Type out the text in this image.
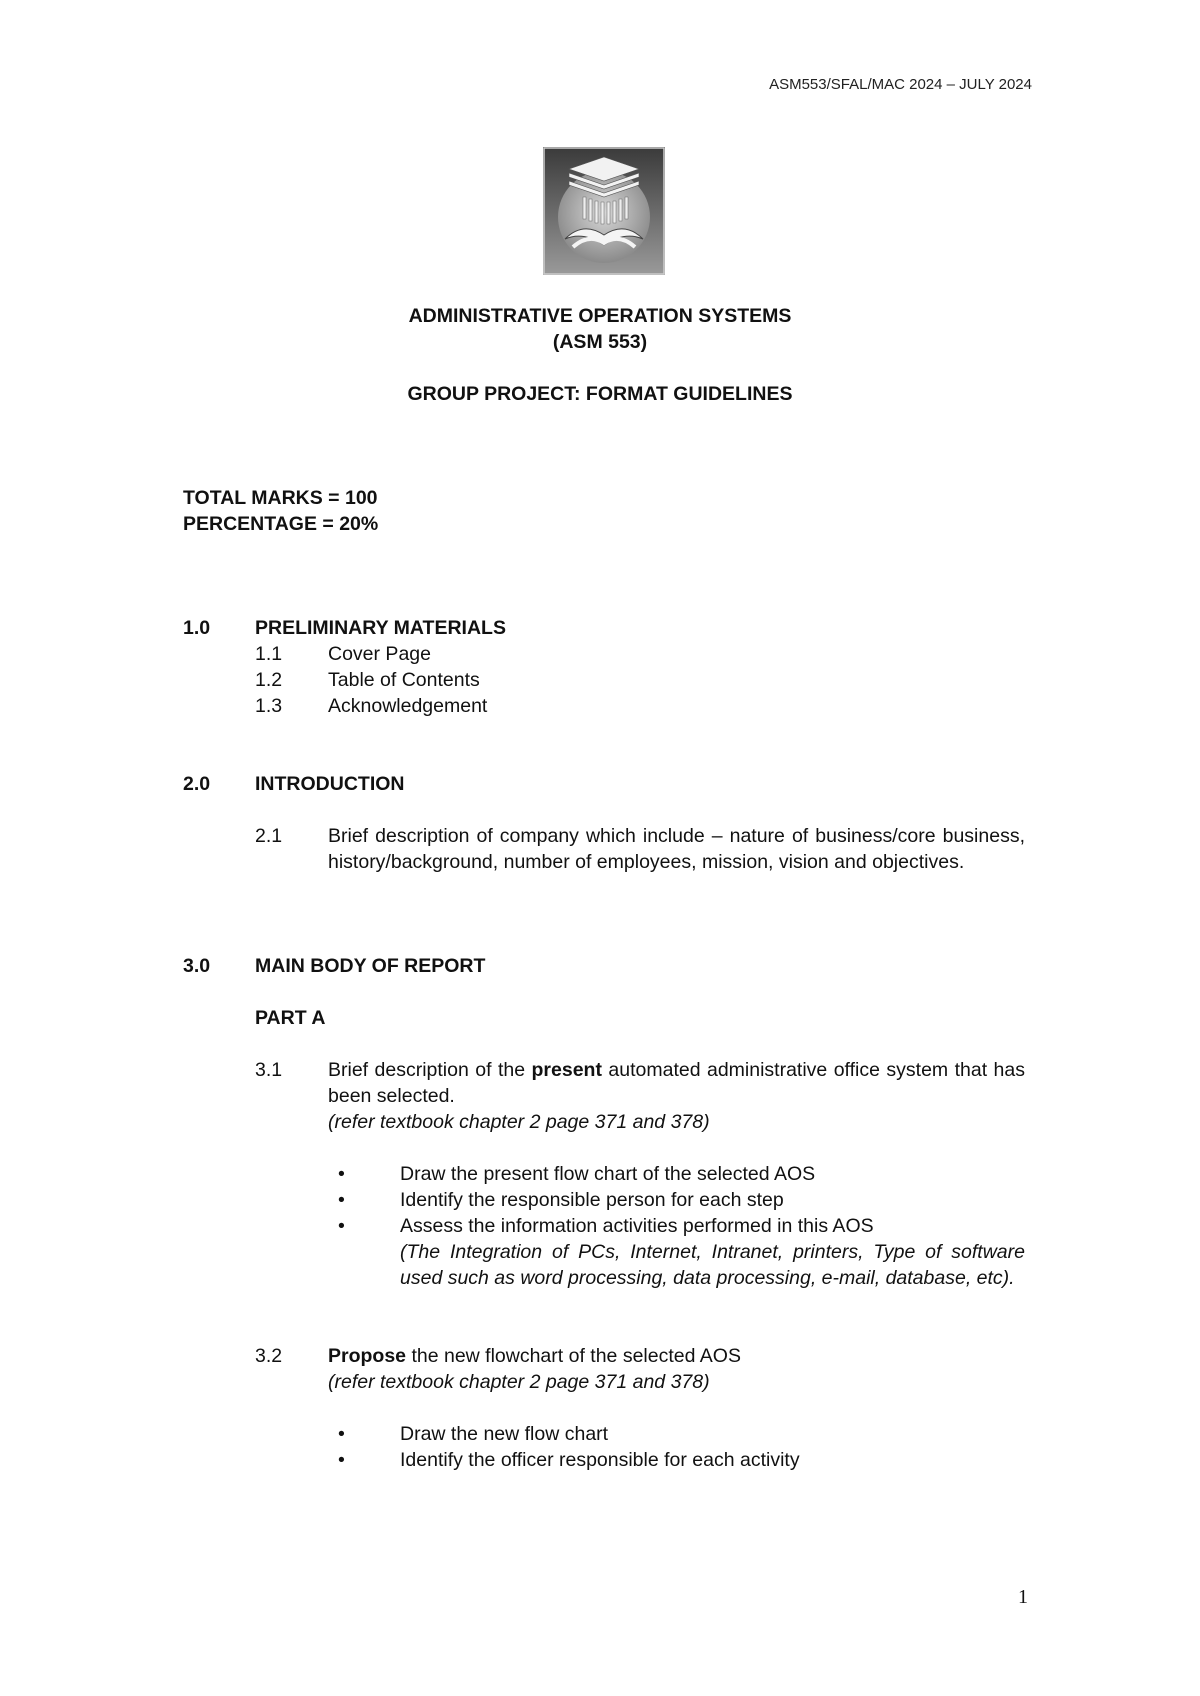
ASM553/SFAL/MAC 2024 – JULY 2024
ADMINISTRATIVE OPERATION SYSTEMS
(ASM 553)
GROUP PROJECT: FORMAT GUIDELINES
TOTAL MARKS = 100
PERCENTAGE = 20%
1.0 PRELIMINARY MATERIALS
1.1 Cover Page
1.2 Table of Contents
1.3 Acknowledgement
2.0 INTRODUCTION
2.1 Brief description of company which include – nature of business/core business, history/background, number of employees, mission, vision and objectives.
3.0 MAIN BODY OF REPORT
PART A
3.1 Brief description of the present automated administrative office system that has been selected.
(refer textbook chapter 2 page 371 and 378)
•	Draw the present flow chart of the selected AOS
•	Identify the responsible person for each step
•	Assess the information activities performed in this AOS
(The Integration of PCs, Internet, Intranet, printers, Type of software used such as word processing, data processing, e-mail, database, etc).
3.2 Propose the new flowchart of the selected AOS
(refer textbook chapter 2 page 371 and 378)
•	Draw the new flow chart
•	Identify the officer responsible for each activity
1
